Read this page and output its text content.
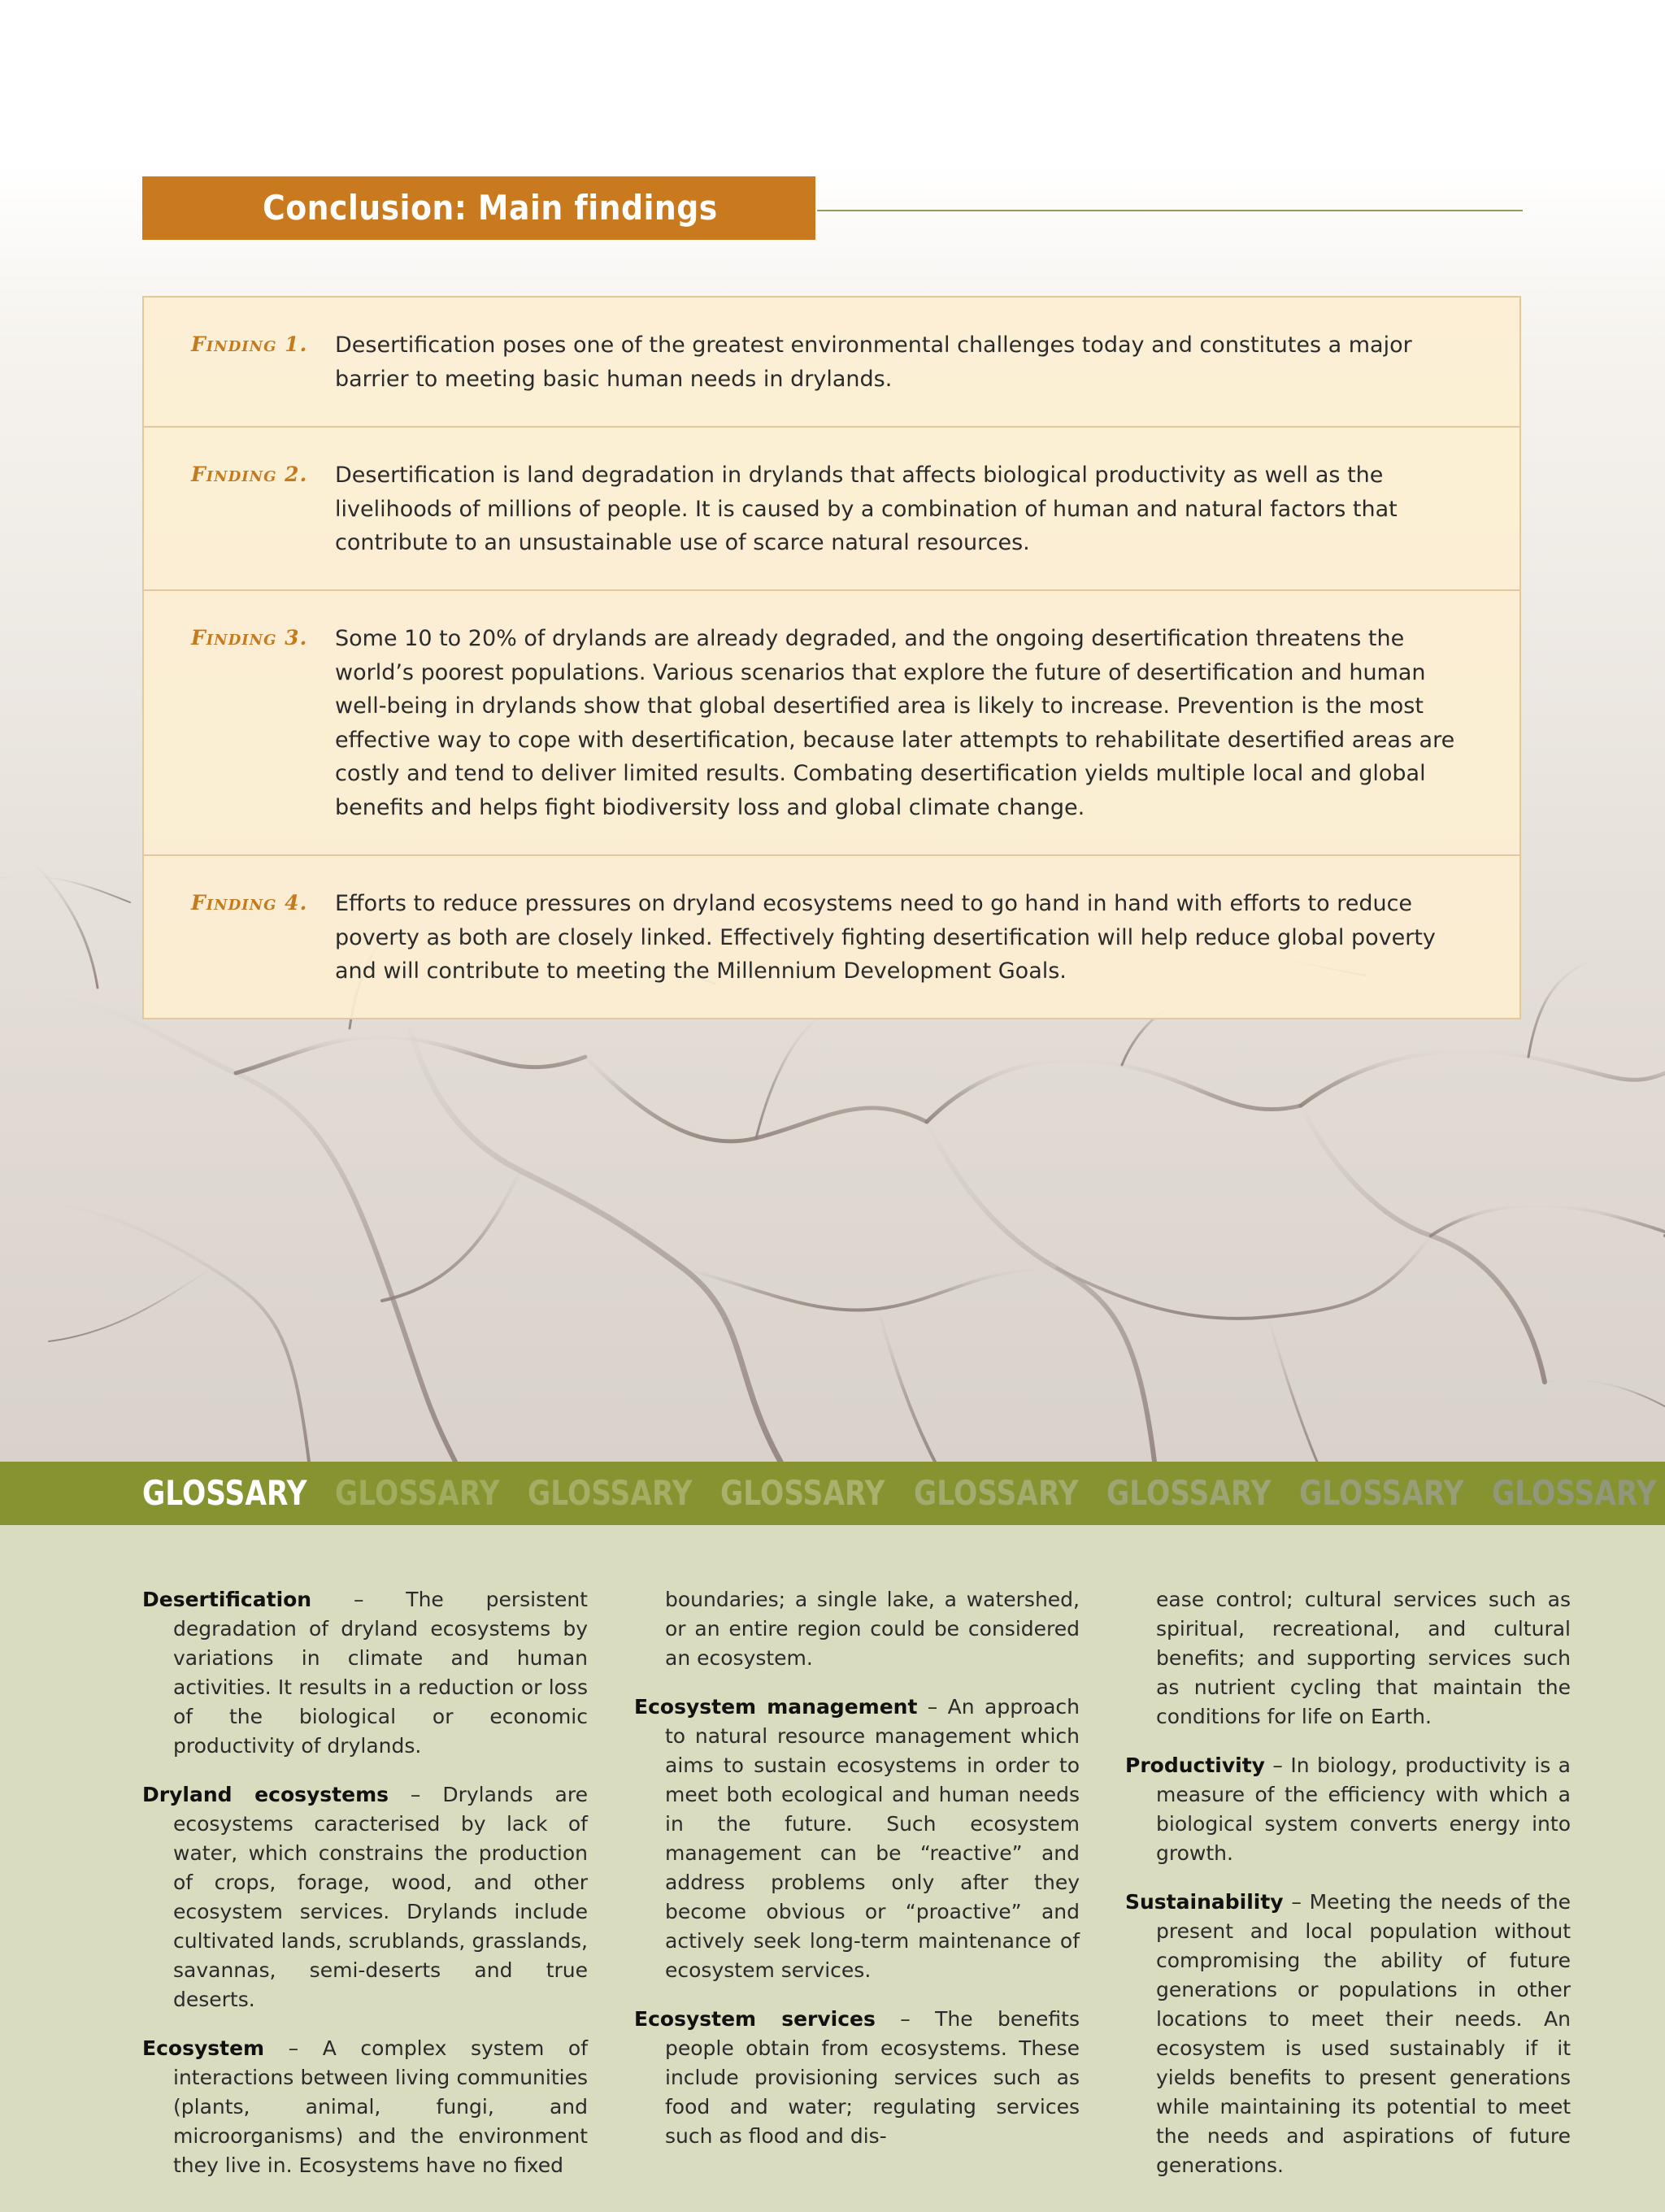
Conclusion: Main findings
Finding 1. Desertification poses one of the greatest environmental challenges today and constitutes a major barrier to meeting basic human needs in drylands.
Finding 2. Desertification is land degradation in drylands that affects biological productivity as well as the livelihoods of millions of people. It is caused by a combination of human and natural factors that contribute to an unsustainable use of scarce natural resources.
Finding 3. Some 10 to 20% of drylands are already degraded, and the ongoing desertification threatens the world’s poorest populations. Various scenarios that explore the future of desertification and human well-being in drylands show that global desertified area is likely to increase. Prevention is the most effective way to cope with desertification, because later attempts to rehabilitate desertified areas are costly and tend to deliver limited results. Combating desertification yields multiple local and global benefits and helps fight biodiversity loss and global climate change.
Finding 4. Efforts to reduce pressures on dryland ecosystems need to go hand in hand with efforts to reduce poverty as both are closely linked. Effectively fighting desertification will help reduce global poverty and will contribute to meeting the Millennium Development Goals.
GLOSSARY GLOSSARY GLOSSARY GLOSSARY GLOSSARY GLOSSARY GLOSSARY GLOSSARY

Desertification – The persistent degradation of dryland ecosystems by variations in climate and human activities. It results in a reduction or loss of the biological or economic productivity of drylands.

Dryland ecosystems – Drylands are ecosystems caracterised by lack of water, which constrains the production of crops, forage, wood, and other ecosystem services. Drylands include cultivated lands, scrublands, grasslands, savannas, semi-deserts and true deserts.

Ecosystem – A complex system of interactions between living communities (plants, animal, fungi, and microorganisms) and the environment they live in. Ecosystems have no fixed

boundaries; a single lake, a watershed, or an entire region could be considered an ecosystem.

Ecosystem management – An approach to natural resource management which aims to sustain ecosystems in order to meet both ecological and human needs in the future. Such ecosystem management can be “reactive” and address problems only after they become obvious or “proactive” and actively seek long-term maintenance of ecosystem services.

Ecosystem services – The benefits people obtain from ecosystems. These include provisioning services such as food and water; regulating services such as flood and dis-

ease control; cultural services such as spiritual, recreational, and cultural benefits; and supporting services such as nutrient cycling that maintain the conditions for life on Earth.

Productivity – In biology, productivity is a measure of the efficiency with which a biological system converts energy into growth.

Sustainability – Meeting the needs of the present and local population without compromising the ability of future generations or populations in other locations to meet their needs. An ecosystem is used sustainably if it yields benefits to present generations while maintaining its potential to meet the needs and aspirations of future generations.
